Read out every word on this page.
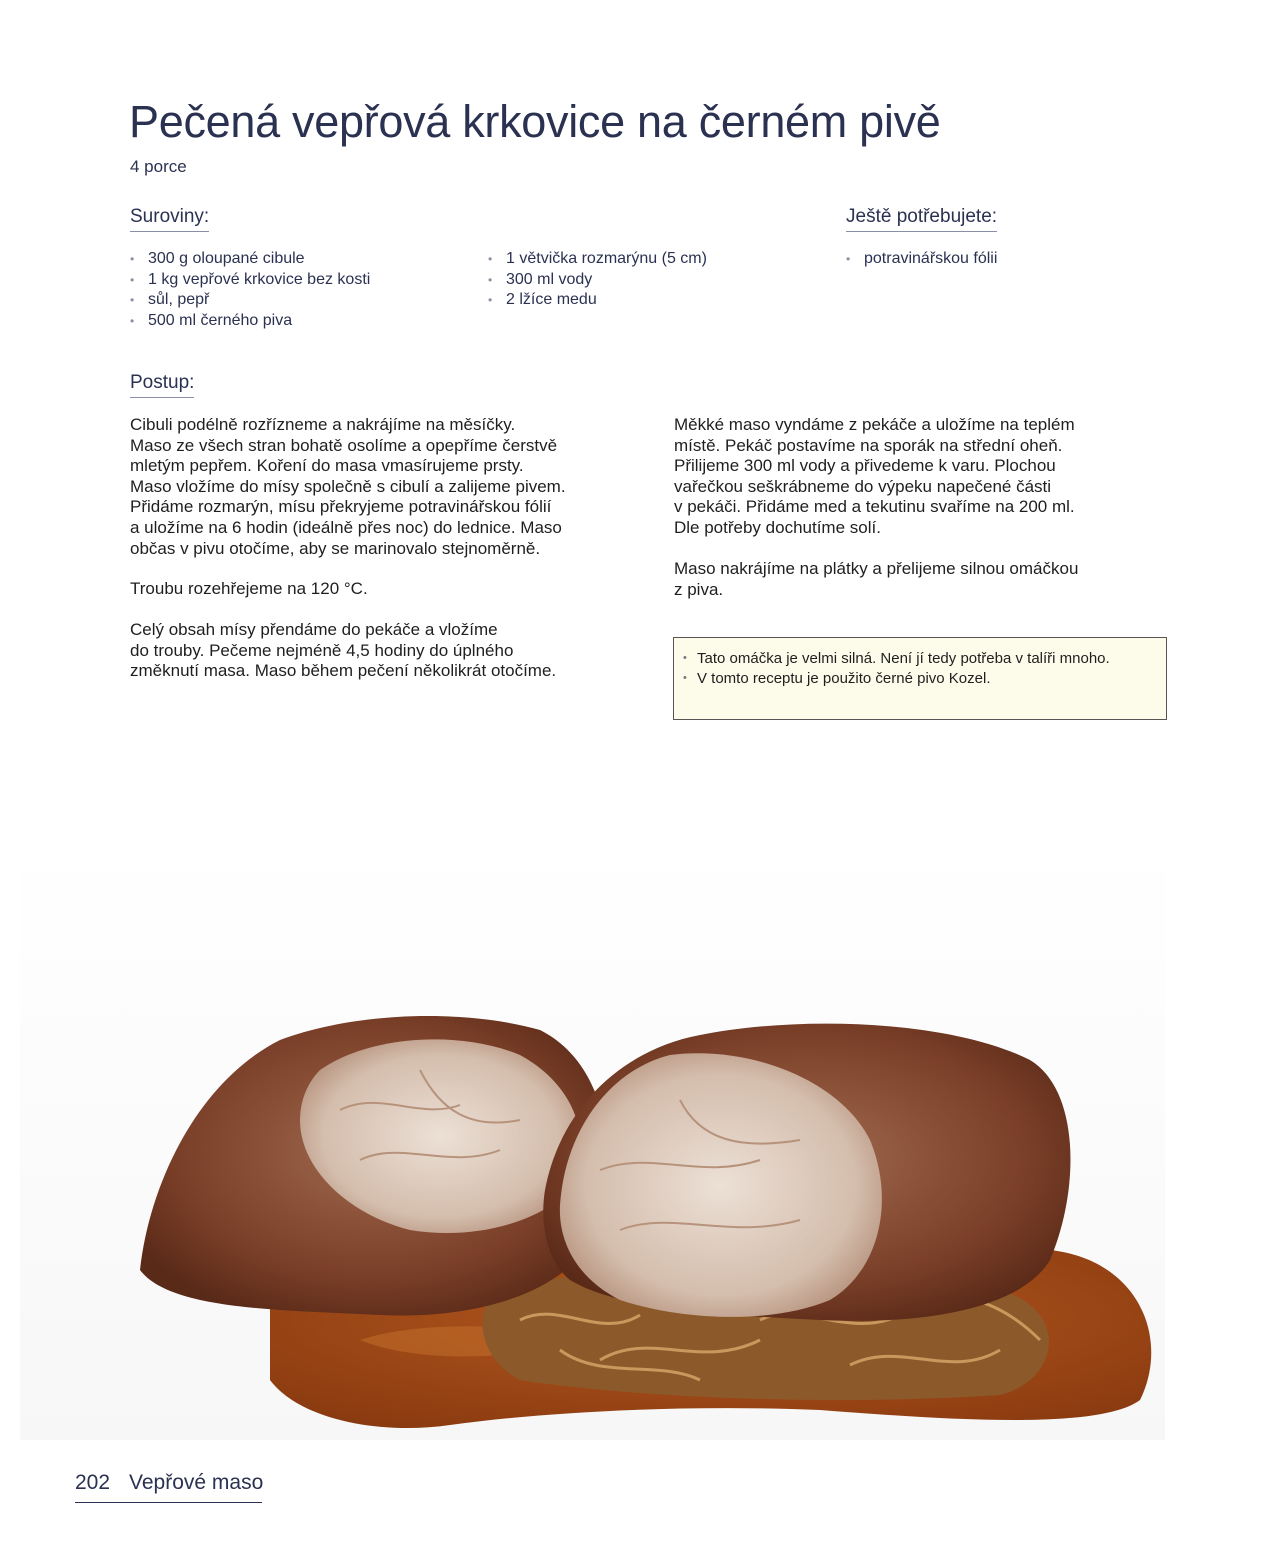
Pečená vepřová krkovice na černém pivě
4 porce
Suroviny:
• 300 g oloupané cibule
• 1 kg vepřové krkovice bez kosti
• sůl, pepř
• 500 ml černého piva
• 1 větvička rozmarýnu (5 cm)
• 300 ml vody
• 2 lžíce medu
Ještě potřebujete:
• potravinářskou fólii
Postup:

Cibuli podélně rozřízneme a nakrájíme na měsíčky.
Maso ze všech stran bohatě osolíme a opepříme čerstvě
mletým pepřem. Koření do masa vmasírujeme prsty.
Maso vložíme do mísy společně s cibulí a zalijeme pivem.
Přidáme rozmarýn, mísu překryjeme potravinářskou fólií
a uložíme na 6 hodin (ideálně přes noc) do lednice. Maso
občas v pivu otočíme, aby se marinovalo stejnoměrně.

Troubu rozehřejeme na 120 °C.

Celý obsah mísy přendáme do pekáče a vložíme
do trouby. Pečeme nejméně 4,5 hodiny do úplného
změknutí masa. Maso během pečení několikrát otočíme.

Měkké maso vyndáme z pekáče a uložíme na teplém
místě. Pekáč postavíme na sporák na střední oheň.
Přilijeme 300 ml vody a přivedeme k varu. Plochou
vařečkou seškrábneme do výpeku napečené části
v pekáči. Přidáme med a tekutinu svaříme na 200 ml.
Dle potřeby dochutíme solí.

Maso nakrájíme na plátky a přelijeme silnou omáčkou
z piva.

• Tato omáčka je velmi silná. Není jí tedy potřeba v talíři mnoho.
• V tomto receptu je použito černé pivo Kozel.
202 Vepřové maso
